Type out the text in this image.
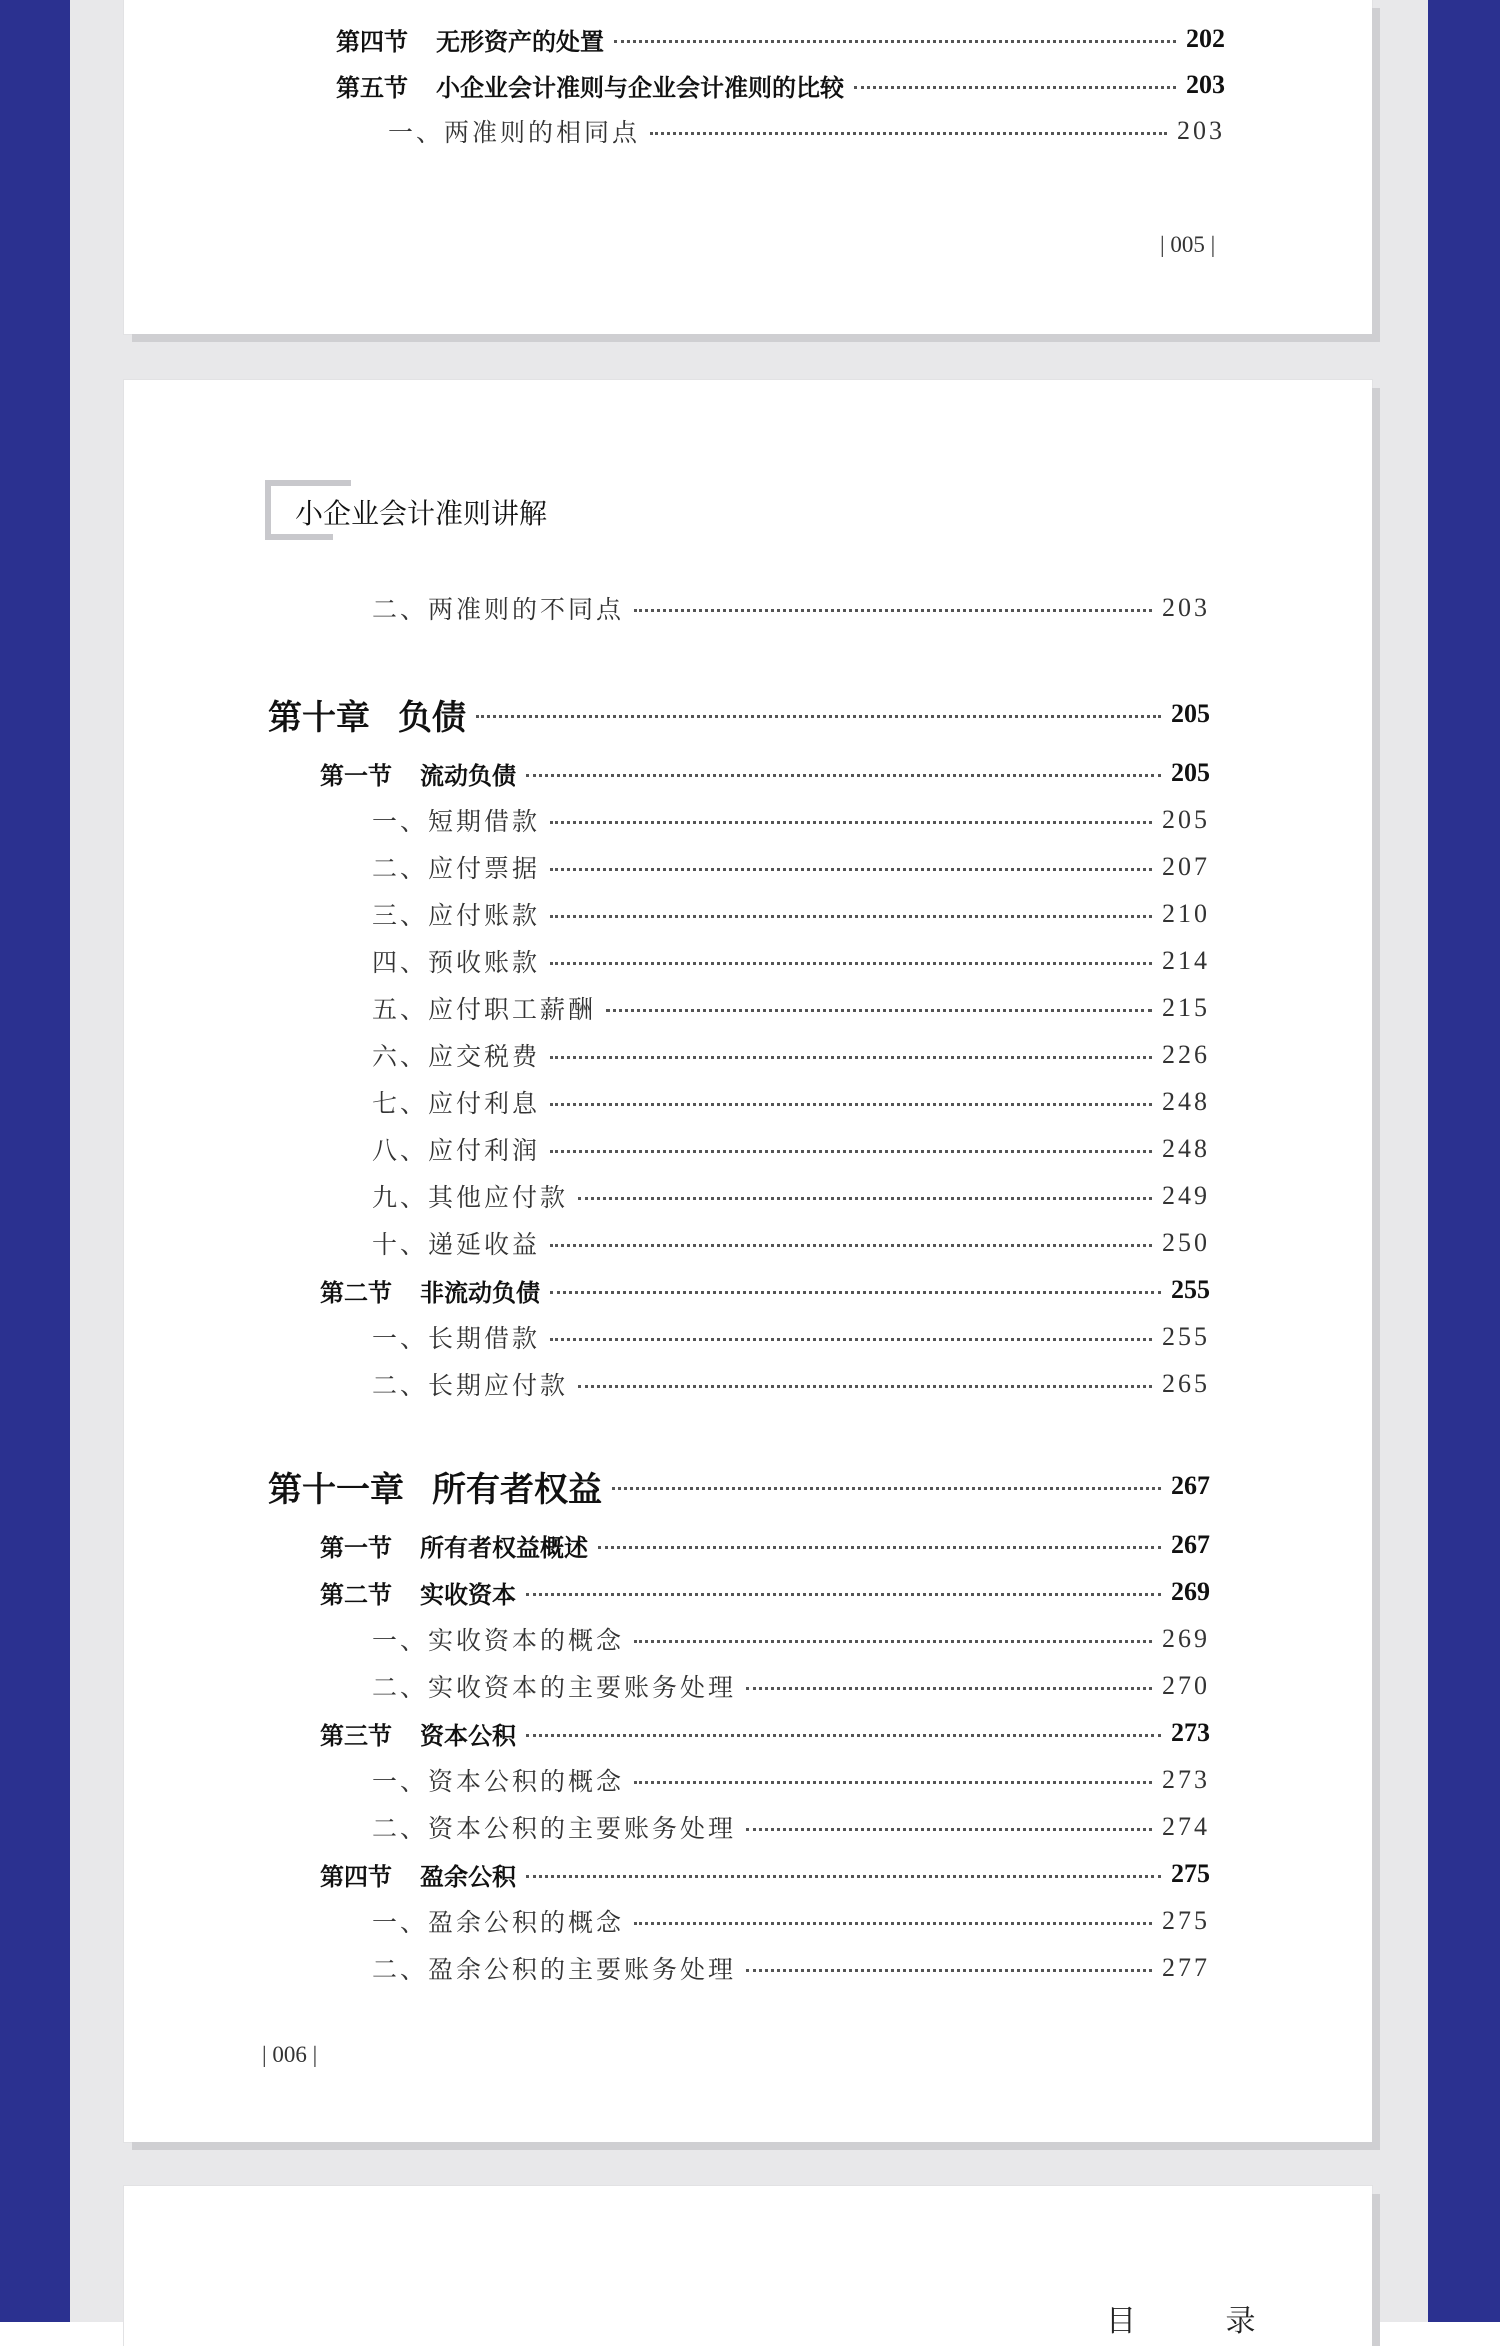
第四节 无形资产的处置	202
第五节 小企业会计准则与企业会计准则的比较	203
一、两准则的相同点	203
| 005 |
小企业会计准则讲解
二、两准则的不同点	203
第十章 负债	205
第一节 流动负债	205
一、短期借款	205
二、应付票据	207
三、应付账款	210
四、预收账款	214
五、应付职工薪酬	215
六、应交税费	226
七、应付利息	248
八、应付利润	248
九、其他应付款	249
十、递延收益	250
第二节 非流动负债	255
一、长期借款	255
二、长期应付款	265
第十一章 所有者权益	267
第一节 所有者权益概述	267
第二节 实收资本	269
一、实收资本的概念	269
二、实收资本的主要账务处理	270
第三节 资本公积	273
一、资本公积的概念	273
二、资本公积的主要账务处理	274
第四节 盈余公积	275
一、盈余公积的概念	275
二、盈余公积的主要账务处理	277
| 006 |
目 录
